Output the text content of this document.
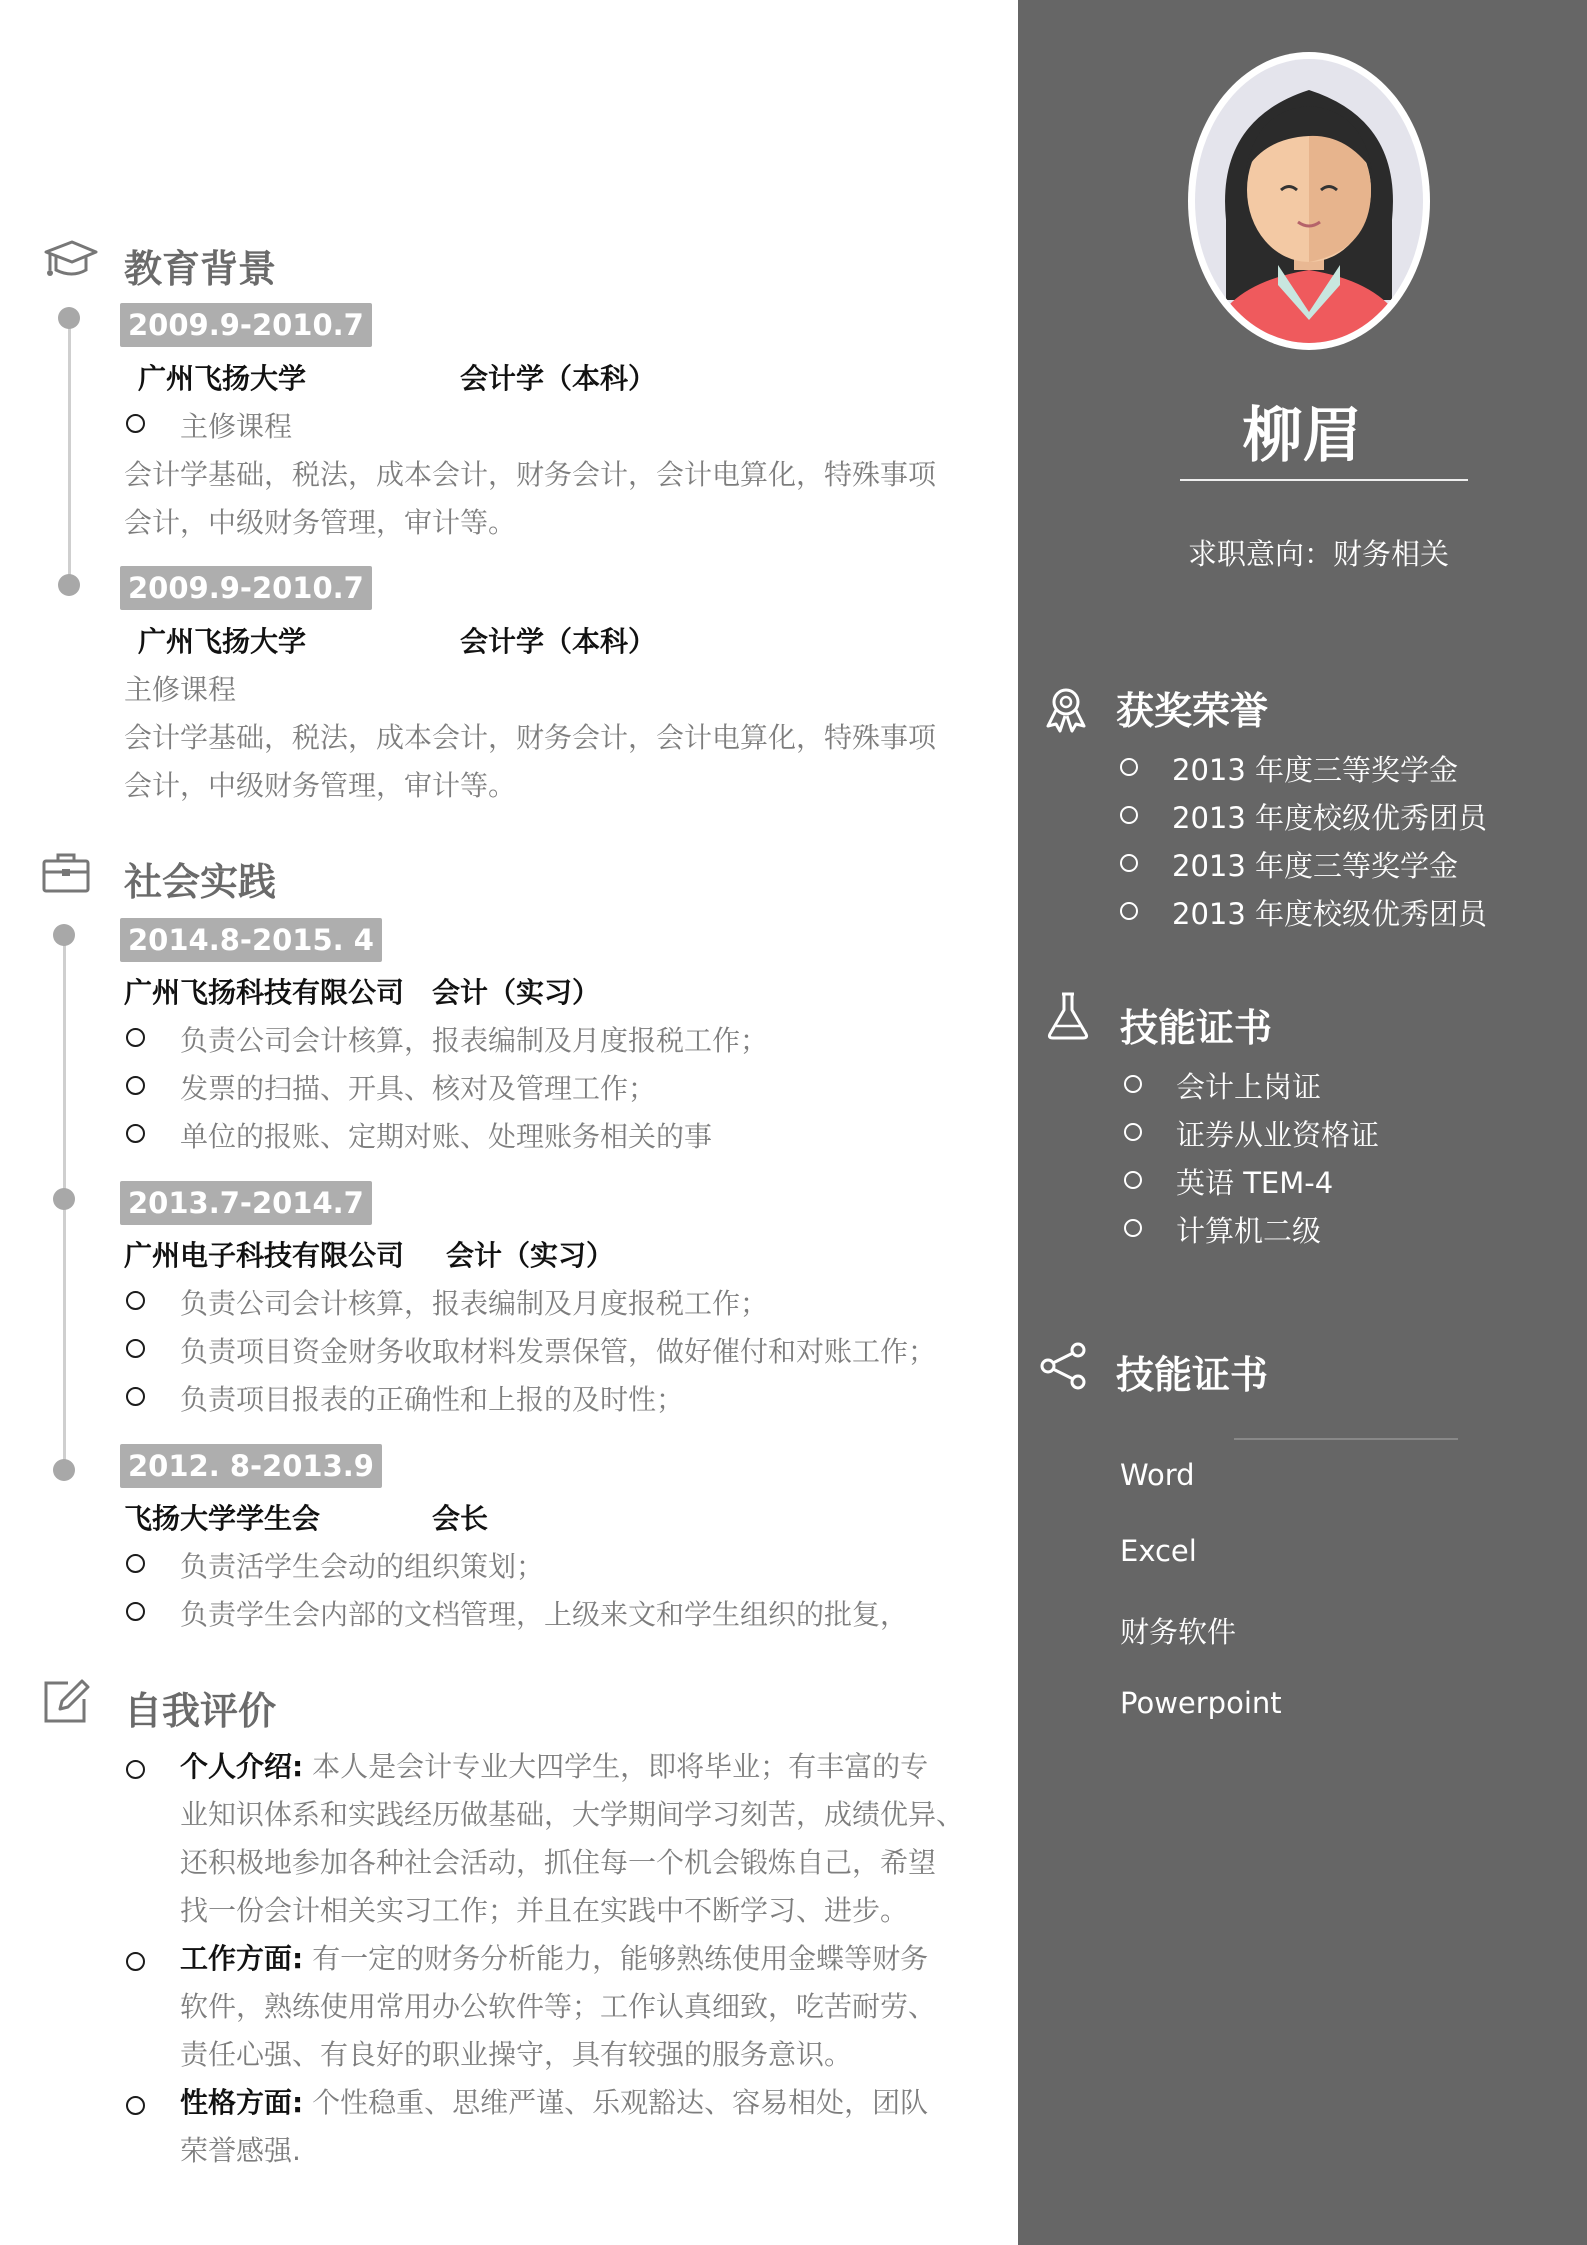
教育背景
2009.9-2010.7
广州飞扬大学	会计学（本科）
主修课程
会计学基础，税法，成本会计，财务会计，会计电算化，特殊事项
会计，中级财务管理，审计等。
2009.9-2010.7
广州飞扬大学	会计学（本科）
主修课程
会计学基础，税法，成本会计，财务会计，会计电算化，特殊事项
会计，中级财务管理，审计等。
社会实践
2014.8-2015. 4
广州飞扬科技有限公司 会计（实习）
负责公司会计核算，报表编制及月度报税工作；
发票的扫描、开具、核对及管理工作；
单位的报账、定期对账、处理账务相关的事
2013.7-2014.7
广州电子科技有限公司 会计（实习）
负责公司会计核算，报表编制及月度报税工作；
负责项目资金财务收取材料发票保管，做好催付和对账工作；
负责项目报表的正确性和上报的及时性；
2012. 8-2013.9
飞扬大学学生会	会长
负责活学生会动的组织策划；
负责学生会内部的文档管理，上级来文和学生组织的批复，
自我评价
个人介绍: 本人是会计专业大四学生，即将毕业；有丰富的专
业知识体系和实践经历做基础，大学期间学习刻苦，成绩优异、
还积极地参加各种社会活动，抓住每一个机会锻炼自己，希望
找一份会计相关实习工作；并且在实践中不断学习、进步。
工作方面: 有一定的财务分析能力，能够熟练使用金蝶等财务
软件，熟练使用常用办公软件等；工作认真细致，吃苦耐劳、
责任心强、有良好的职业操守，具有较强的服务意识。
性格方面: 个性稳重、思维严谨、乐观豁达、容易相处，团队
荣誉感强.
柳眉
求职意向：财务相关
获奖荣誉
2013 年度三等奖学金
2013 年度校级优秀团员
2013 年度三等奖学金
2013 年度校级优秀团员
技能证书
会计上岗证
证券从业资格证
英语 TEM-4
计算机二级
技能证书
Word
Excel
财务软件
Powerpoint
